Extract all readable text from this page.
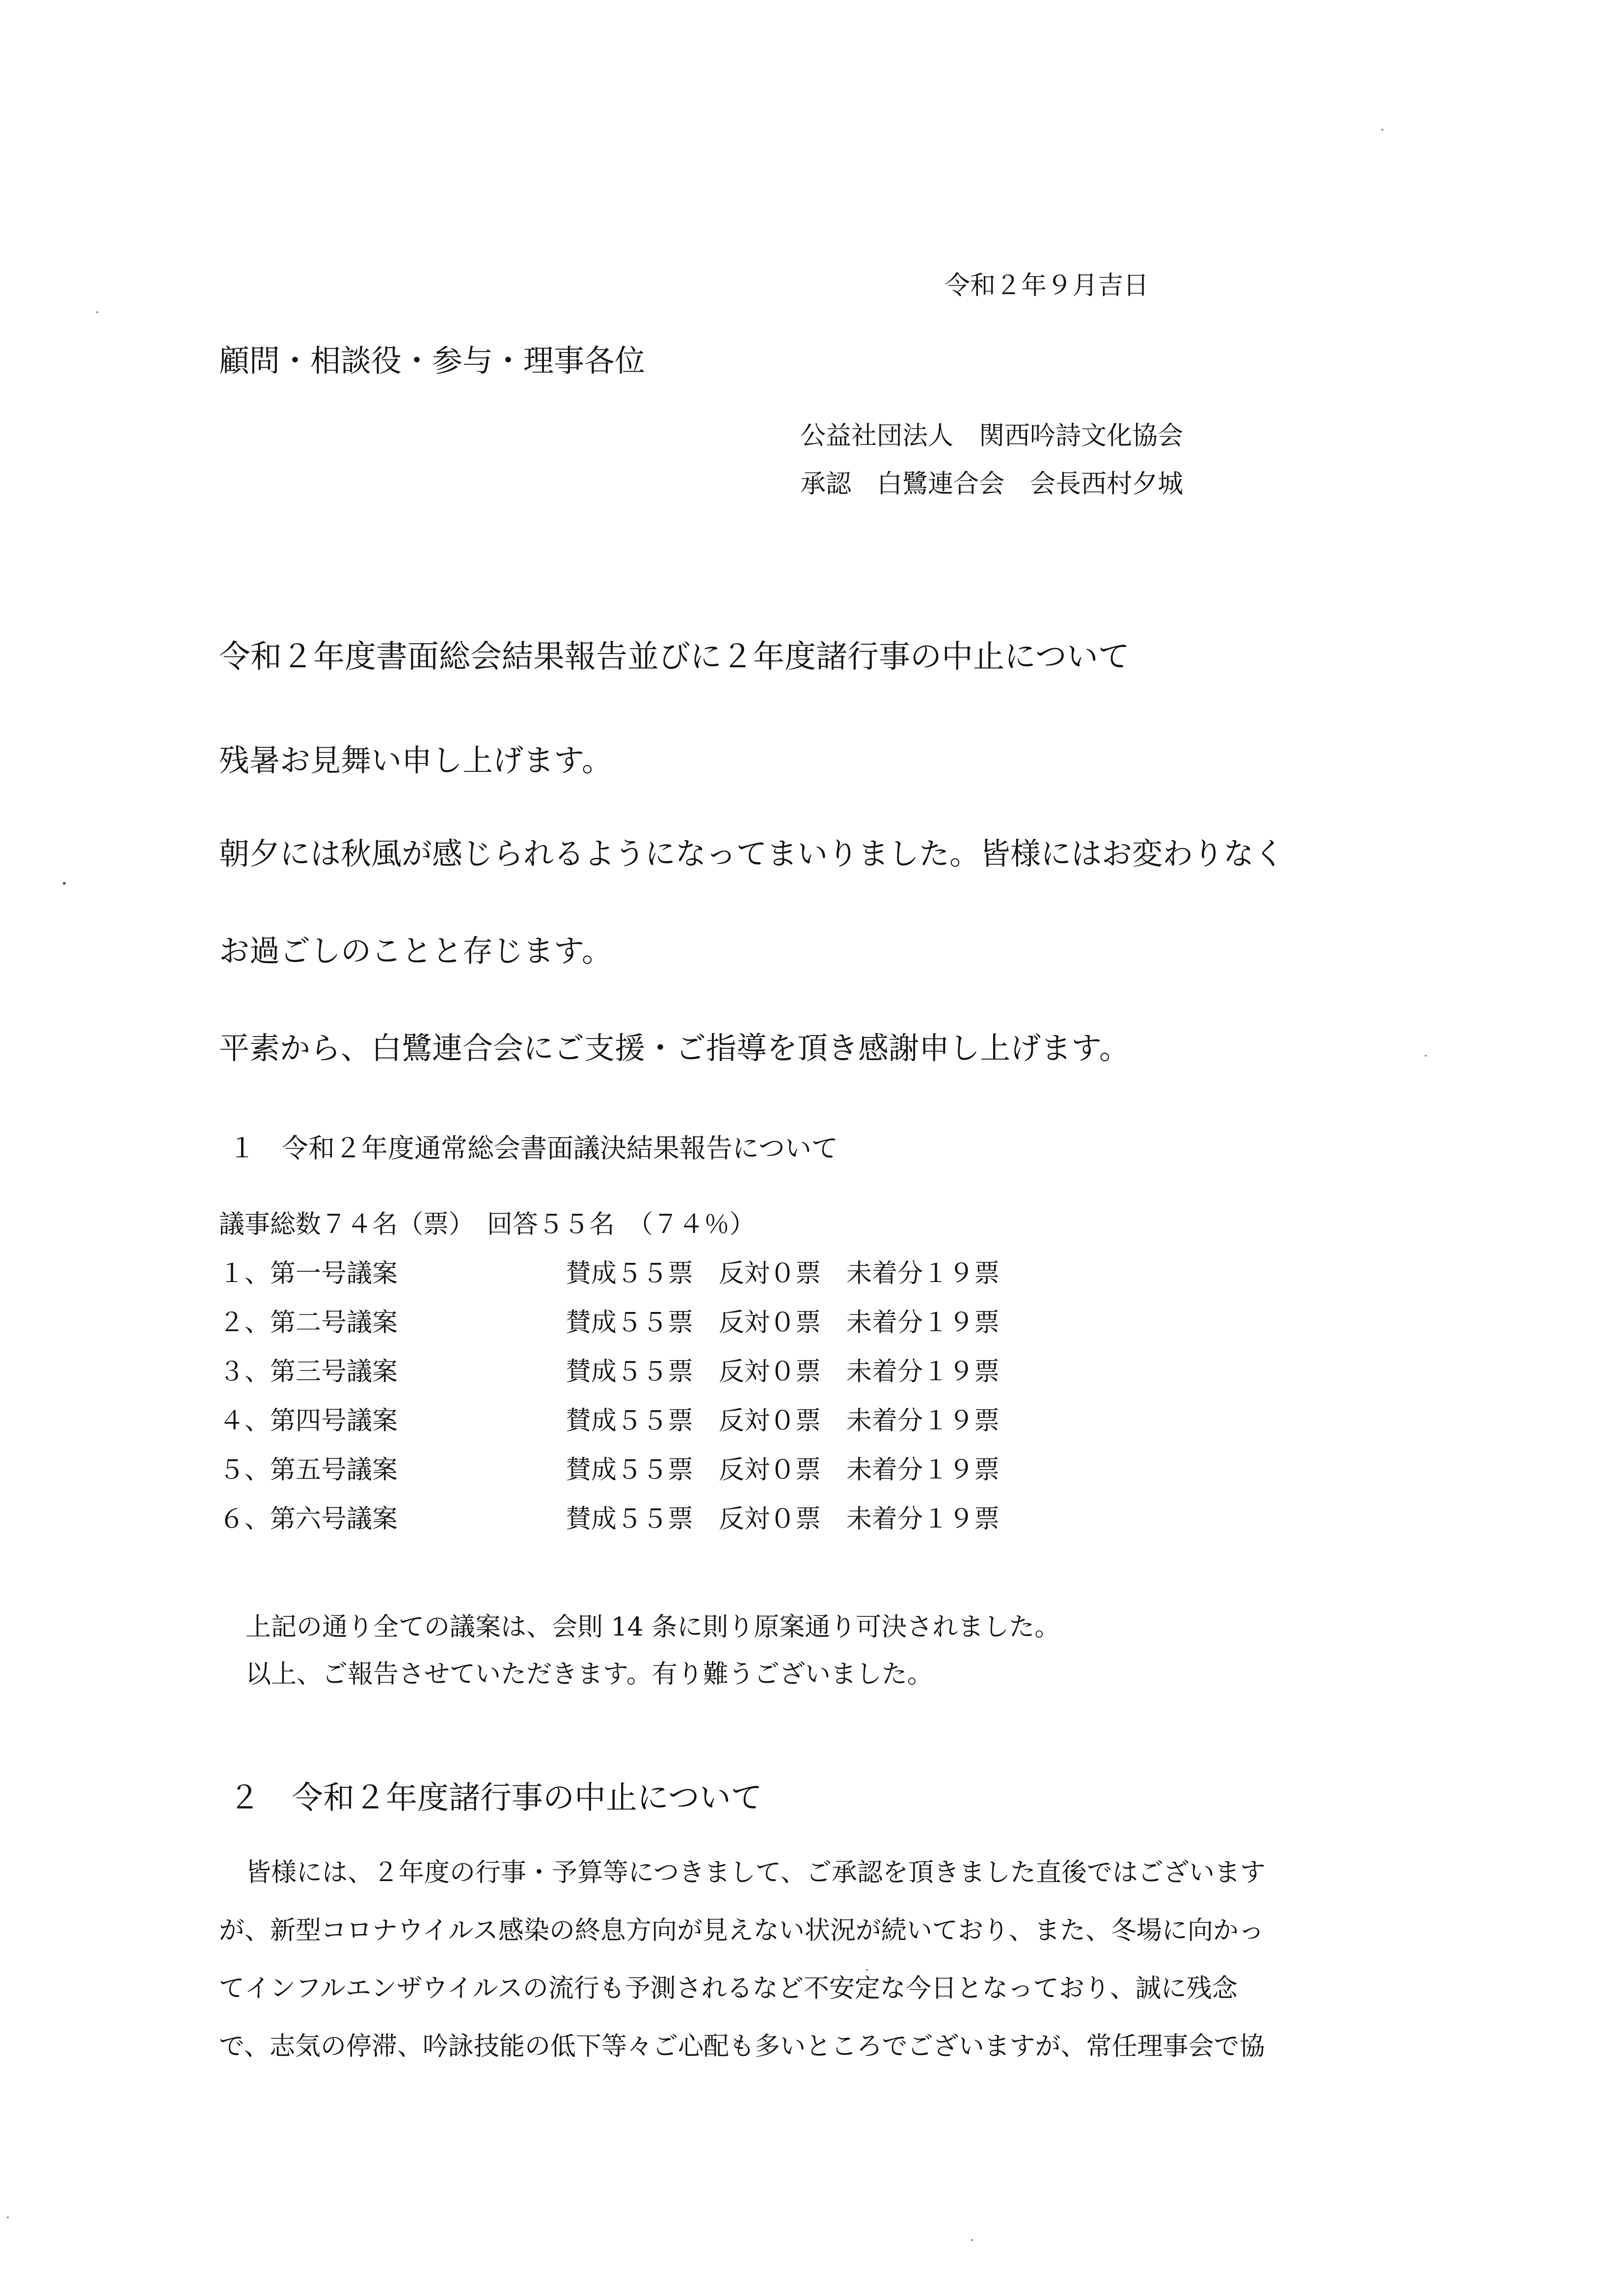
令和２年９月吉日
顧問・相談役・参与・理事各位
公益社団法人　関西吟詩文化協会
承認　白鷺連合会　会長西村夕城
令和２年度書面総会結果報告並びに２年度諸行事の中止について
残暑お見舞い申し上げます。
朝夕には秋風が感じられるようになってまいりました。皆様にはお変わりなく
お過ごしのことと存じます。
平素から、白鷺連合会にご支援・ご指導を頂き感謝申し上げます。
１　令和２年度通常総会書面議決結果報告について
議事総数７４名（票）　回答５５名　（７４％）
１、第一号議案	賛成５５票　反対０票　未着分１９票
２、第二号議案	賛成５５票　反対０票　未着分１９票
３、第三号議案	賛成５５票　反対０票　未着分１９票
４、第四号議案	賛成５５票　反対０票　未着分１９票
５、第五号議案	賛成５５票　反対０票　未着分１９票
６、第六号議案	賛成５５票　反対０票　未着分１９票
上記の通り全ての議案は、会則 14 条に則り原案通り可決されました。
以上、ご報告させていただきます。有り難うございました。
２　令和２年度諸行事の中止について
皆様には、２年度の行事・予算等につきまして、ご承認を頂きました直後ではございます
が、新型コロナウイルス感染の終息方向が見えない状況が続いており、また、冬場に向かっ
てインフルエンザウイルスの流行も予測されるなど不安定な今日となっており、誠に残念
で、志気の停滞、吟詠技能の低下等々ご心配も多いところでございますが、常任理事会で協
